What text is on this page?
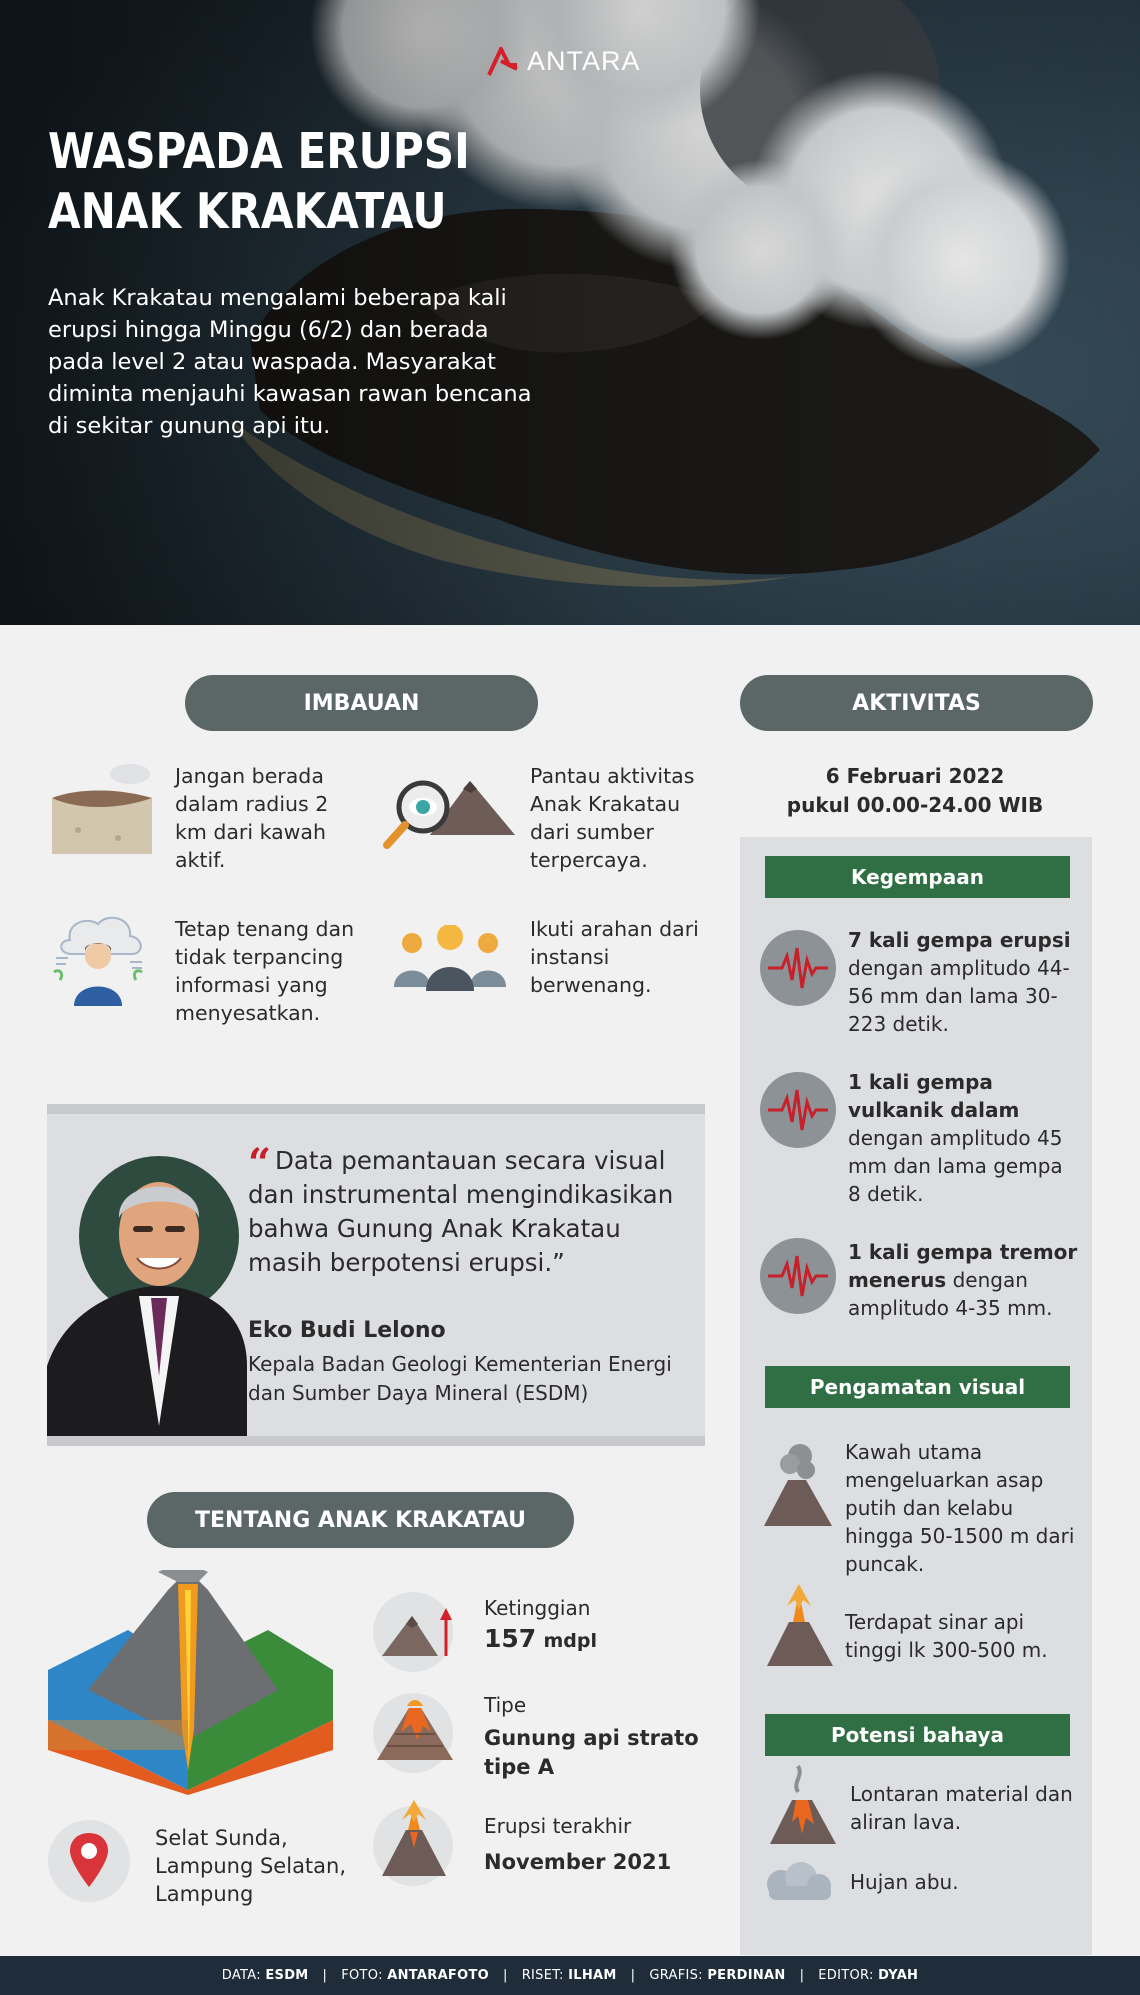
ANTARA
WASPADA ERUPSI
ANAK KRAKATAU
Anak Krakatau mengalami beberapa kali erupsi hingga Minggu (6/2) dan berada pada level 2 atau waspada. Masyarakat diminta menjauhi kawasan rawan bencana di sekitar gunung api itu.
IMBAUAN
Jangan berada dalam radius 2 km dari kawah aktif.
Pantau aktivitas Anak Krakatau dari sumber terpercaya.
Tetap tenang dan tidak terpancing informasi yang menyesatkan.
Ikuti arahan dari instansi berwenang.
“ Data pemantauan secara visual dan instrumental mengindikasikan bahwa Gunung Anak Krakatau masih berpotensi erupsi.”
Eko Budi Lelono
Kepala Badan Geologi Kementerian Energi dan Sumber Daya Mineral (ESDM)
TENTANG ANAK KRAKATAU
Selat Sunda, Lampung Selatan, Lampung
Ketinggian
157 mdpl
Tipe
Gunung api strato tipe A
Erupsi terakhir
November 2021
AKTIVITAS
6 Februari 2022
pukul 00.00-24.00 WIB
Kegempaan
7 kali gempa erupsi dengan amplitudo 44-56 mm dan lama 30-223 detik.
1 kali gempa vulkanik dalam dengan amplitudo 45 mm dan lama gempa 8 detik.
1 kali gempa tremor menerus dengan amplitudo 4-35 mm.
Pengamatan visual
Kawah utama mengeluarkan asap putih dan kelabu hingga 50-1500 m dari puncak.
Terdapat sinar api tinggi lk 300-500 m.
Potensi bahaya
Lontaran material dan aliran lava.
Hujan abu.
DATA:
ESDM | FOTO:
ANTARAFOTO | RISET:
ILHAM | GRAFIS:
PERDINAN | EDITOR:
DYAH
